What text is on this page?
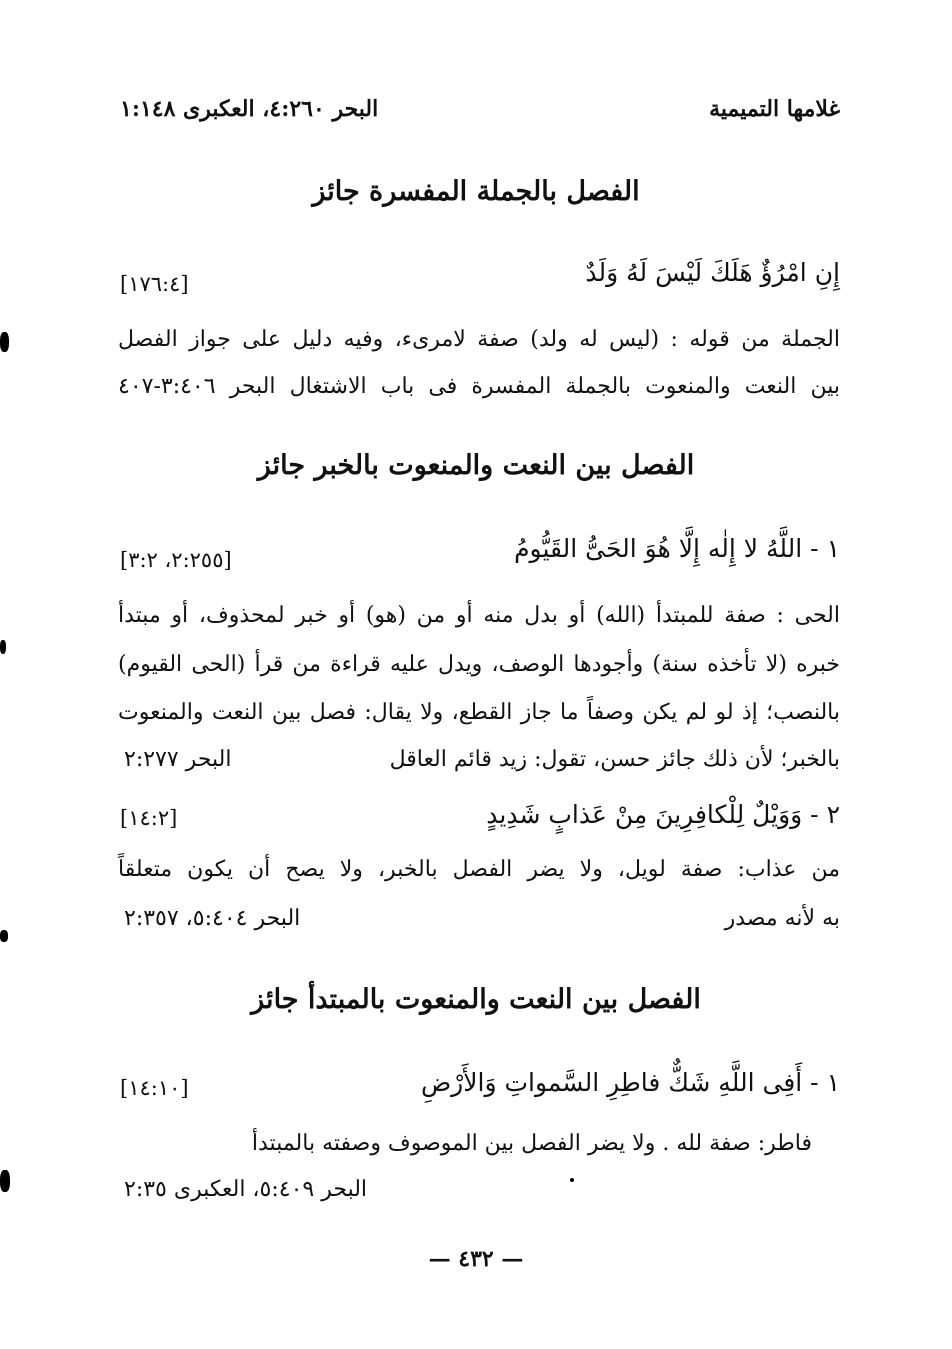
غلامها التميمية
البحر ٤:٢٦٠، العكبرى ١:١٤٨
الفصل بالجملة المفسرة جائز
إِنِ امْرُؤٌ هَلَكَ لَيْسَ لَهُ وَلَدٌ
[١٧٦:٤]
الجملة من قوله : (ليس له ولد) صفة لامرىء، وفيه دليل على جواز الفصل
بين النعت والمنعوت بالجملة المفسرة فى باب الاشتغال البحر ٣:٤٠٦-٤٠٧
الفصل بين النعت والمنعوت بالخبر جائز
١ - اللَّهُ لا إِلٰه إِلَّا هُوَ الحَىُّ القَيُّومُ
[٢:٢٥٥، ٣:٢]
الحى : صفة للمبتدأ (الله) أو بدل منه أو من (هو) أو خبر لمحذوف، أو مبتدأ
خبره (لا تأخذه سنة) وأجودها الوصف، ويدل عليه قراءة من قرأ (الحى القيوم)
بالنصب؛ إذ لو لم يكن وصفاً ما جاز القطع، ولا يقال: فصل بين النعت والمنعوت
بالخبر؛ لأن ذلك جائز حسن، تقول: زيد قائم العاقل
البحر ٢:٢٧٧
٢ - وَوَيْلٌ لِلْكافِرِينَ مِنْ عَذابٍ شَدِيدٍ
[١٤:٢]
من عذاب: صفة لويل، ولا يضر الفصل بالخبر، ولا يصح أن يكون متعلقاً
به لأنه مصدر
البحر ٥:٤٠٤، ٢:٣٥٧
الفصل بين النعت والمنعوت بالمبتدأ جائز
١ - أَفِى اللَّهِ شَكٌّ فاطِرِ السَّمواتِ وَالأَرْضِ
[١٤:١٠]
فاطر: صفة لله . ولا يضر الفصل بين الموصوف وصفته بالمبتدأ
البحر ٥:٤٠٩، العكبرى ٢:٣٥
— ٤٣٢ —
